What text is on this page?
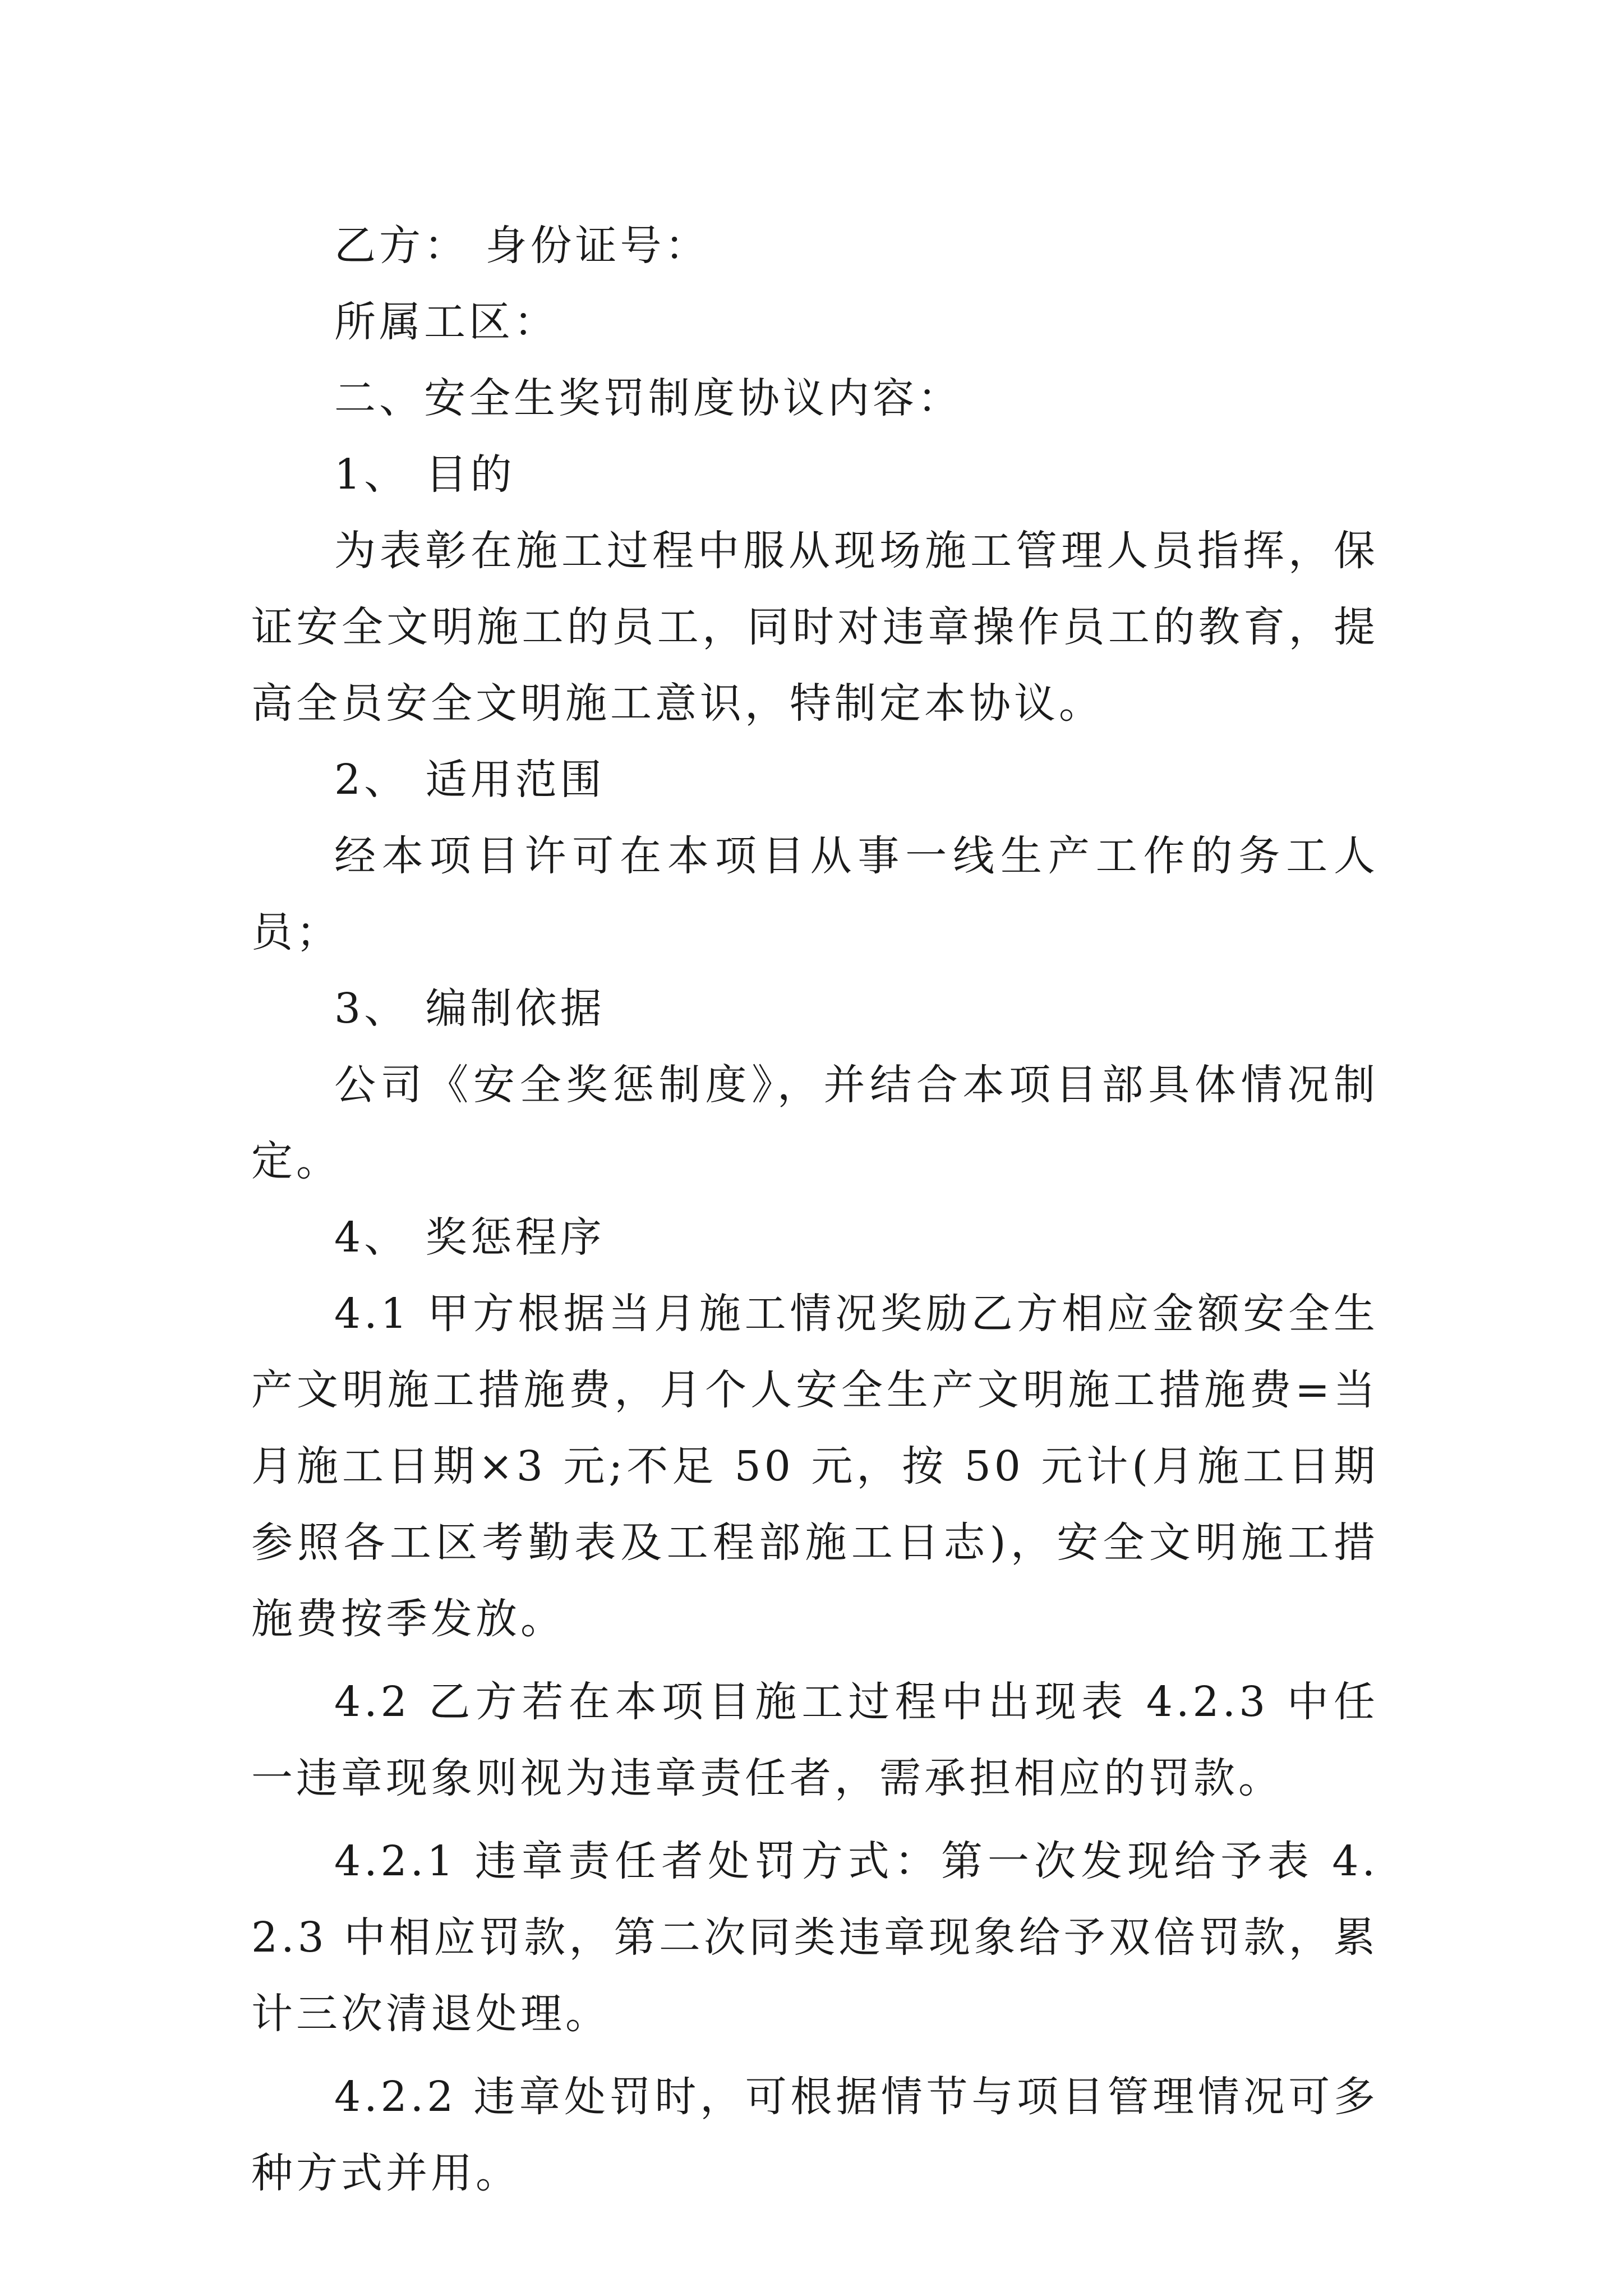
乙方： 身份证号：

所属工区：

二、安全生奖罚制度协议内容：

1、 目的

为表彰在施工过程中服从现场施工管理人员指挥，保证安全文明施工的员工，同时对违章操作员工的教育，提高全员安全文明施工意识，特制定本协议。

2、 适用范围

经本项目许可在本项目从事一线生产工作的务工人员；

3、 编制依据

公司《安全奖惩制度》，并结合本项目部具体情况制定。

4、 奖惩程序

4.1 甲方根据当月施工情况奖励乙方相应金额安全生产文明施工措施费，月个人安全生产文明施工措施费=当月施工日期×3 元;不足 50 元，按 50 元计(月施工日期参照各工区考勤表及工程部施工日志)，安全文明施工措施费按季发放。

4.2 乙方若在本项目施工过程中出现表 4.2.3 中任一违章现象则视为违章责任者，需承担相应的罚款。

4.2.1 违章责任者处罚方式：第一次发现给予表 4.2.3 中相应罚款，第二次同类违章现象给予双倍罚款，累计三次清退处理。

4.2.2 违章处罚时，可根据情节与项目管理情况可多种方式并用。
